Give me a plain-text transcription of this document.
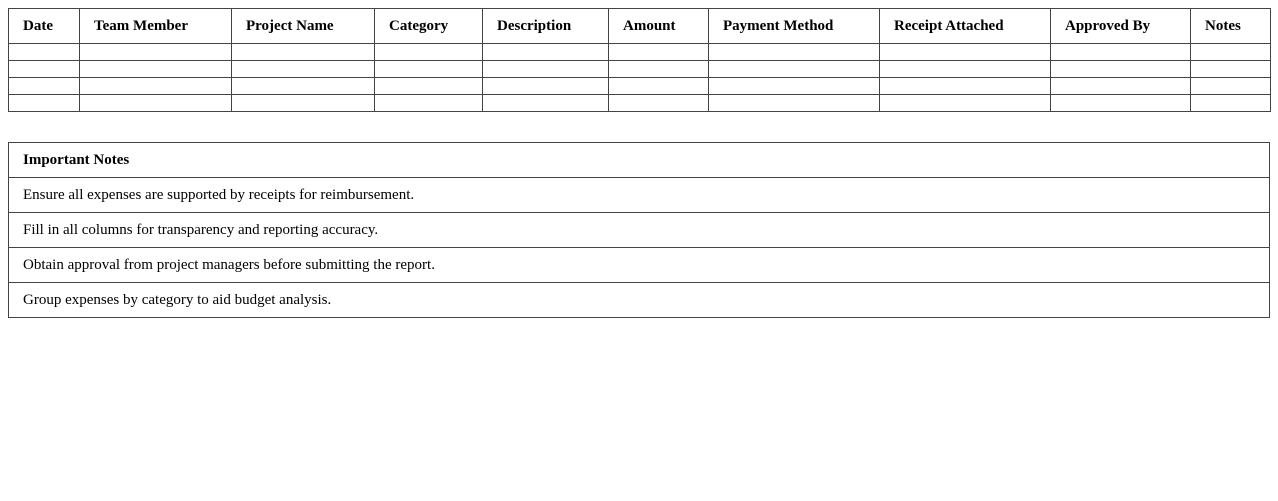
Date	Team Member	Project Name	Category	Description	Amount	Payment Method	Receipt Attached	Approved By	Notes

Important Notes
Ensure all expenses are supported by receipts for reimbursement.
Fill in all columns for transparency and reporting accuracy.
Obtain approval from project managers before submitting the report.
Group expenses by category to aid budget analysis.
